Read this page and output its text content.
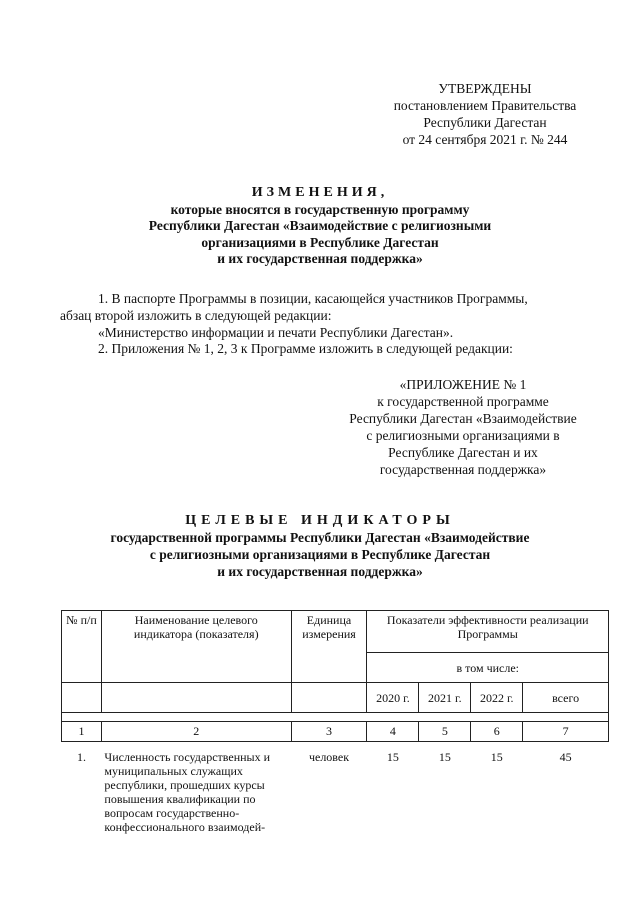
УТВЕРЖДЕНЫ
постановлением Правительства
Республики Дагестан
от 24 сентября 2021 г. № 244
ИЗМЕНЕНИЯ,
которые вносятся в государственную программу
Республики Дагестан «Взаимодействие с религиозными
организациями в Республике Дагестан
и их государственная поддержка»

1. В паспорте Программы в позиции, касающейся участников Программы,

абзац второй изложить в следующей редакции:

«Министерство информации и печати Республики Дагестан».

2. Приложения № 1, 2, 3 к Программе изложить в следующей редакции:

«ПРИЛОЖЕНИЕ № 1
к государственной программе
Республики Дагестан «Взаимодействие
с религиозными организациями в
Республике Дагестан и их
государственная поддержка»
ЦЕЛЕВЫЕ ИНДИКАТОРЫ
государственной программы Республики Дагестан «Взаимодействие
с религиозными организациями в Республике Дагестан
и их государственная поддержка»
№ п/п	Наименование целевого индикатора (показателя)	Единица измерения	Показатели эффективности реализации Программы			
			в том числе:			
			2020 г.	2021 г.	2022 г.	всего

1	2	3	4	5	6	7
1.	Численность государственных и муниципальных служащих республики, прошедших курсы повышения квалификации по вопросам государственно-конфессионального взаимодей-	человек	15	15	15	45
